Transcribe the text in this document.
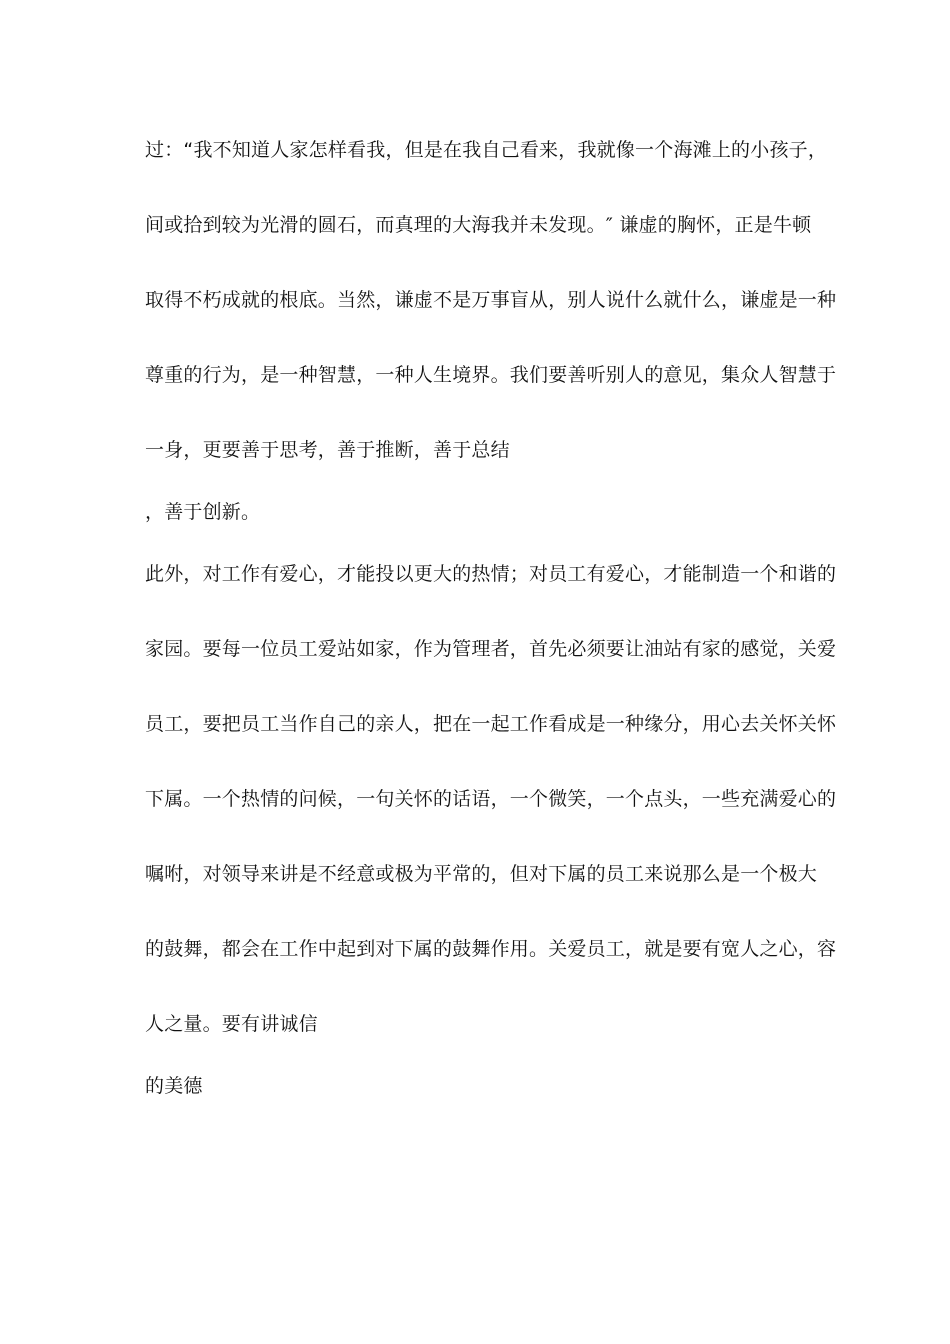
过：“我不知道人家怎样看我，但是在我自己看来，我就像一个海滩上的小孩子，
间或拾到较为光滑的圆石，而真理的大海我并未发现。″ 谦虚的胸怀，正是牛顿
取得不朽成就的根底。当然，谦虚不是万事盲从，别人说什么就什么，谦虚是一种
尊重的行为，是一种智慧，一种人生境界。我们要善听别人的意见，集众人智慧于
一身，更要善于思考，善于推断，善于总结
，善于创新。
此外，对工作有爱心，才能投以更大的热情；对员工有爱心，才能制造一个和谐的
家园。要每一位员工爱站如家，作为管理者，首先必须要让油站有家的感觉，关爱
员工，要把员工当作自己的亲人，把在一起工作看成是一种缘分，用心去关怀关怀
下属。一个热情的问候，一句关怀的话语，一个微笑，一个点头，一些充满爱心的
嘱咐，对领导来讲是不经意或极为平常的，但对下属的员工来说那么是一个极大
的鼓舞，都会在工作中起到对下属的鼓舞作用。关爱员工，就是要有宽人之心，容
人之量。要有讲诚信
的美德
